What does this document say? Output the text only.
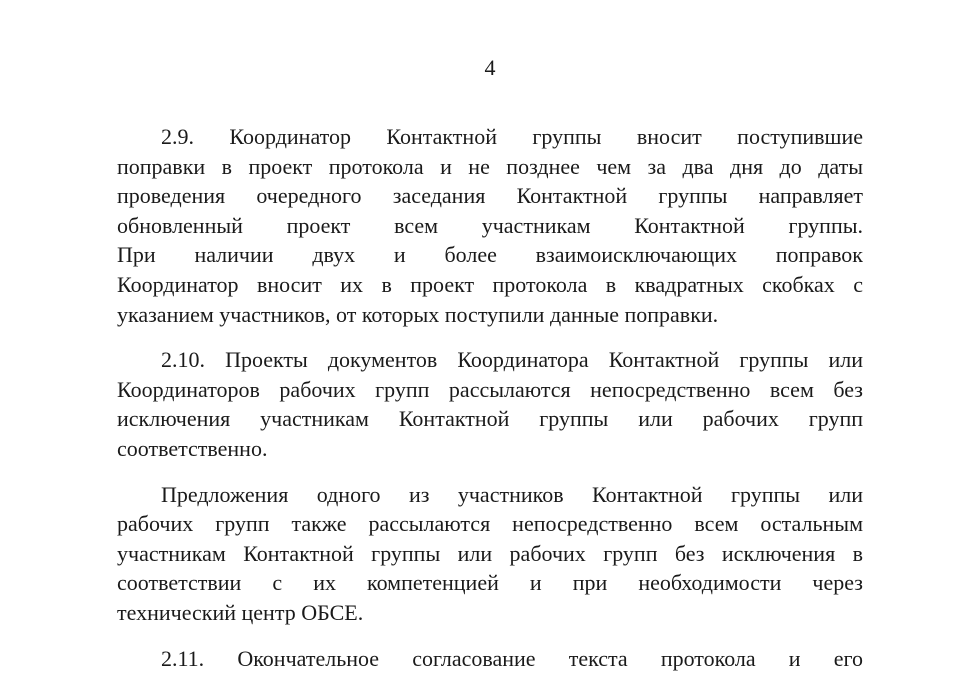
4

2.9. Координатор Контактной группы вносит поступившие
поправки в проект протокола и не позднее чем за два дня до даты
проведения очередного заседания Контактной группы направляет
обновленный проект всем участникам Контактной группы.
При наличии двух и более взаимоисключающих поправок
Координатор вносит их в проект протокола в квадратных скобках с
указанием участников, от которых поступили данные поправки.

2.10. Проекты документов Координатора Контактной группы или
Координаторов рабочих групп рассылаются непосредственно всем без
исключения участникам Контактной группы или рабочих групп
соответственно.

Предложения одного из участников Контактной группы или
рабочих групп также рассылаются непосредственно всем остальным
участникам Контактной группы или рабочих групп без исключения в
соответствии с их компетенцией и при необходимости через
технический центр ОБСЕ.

2.11. Окончательное согласование текста протокола и его
